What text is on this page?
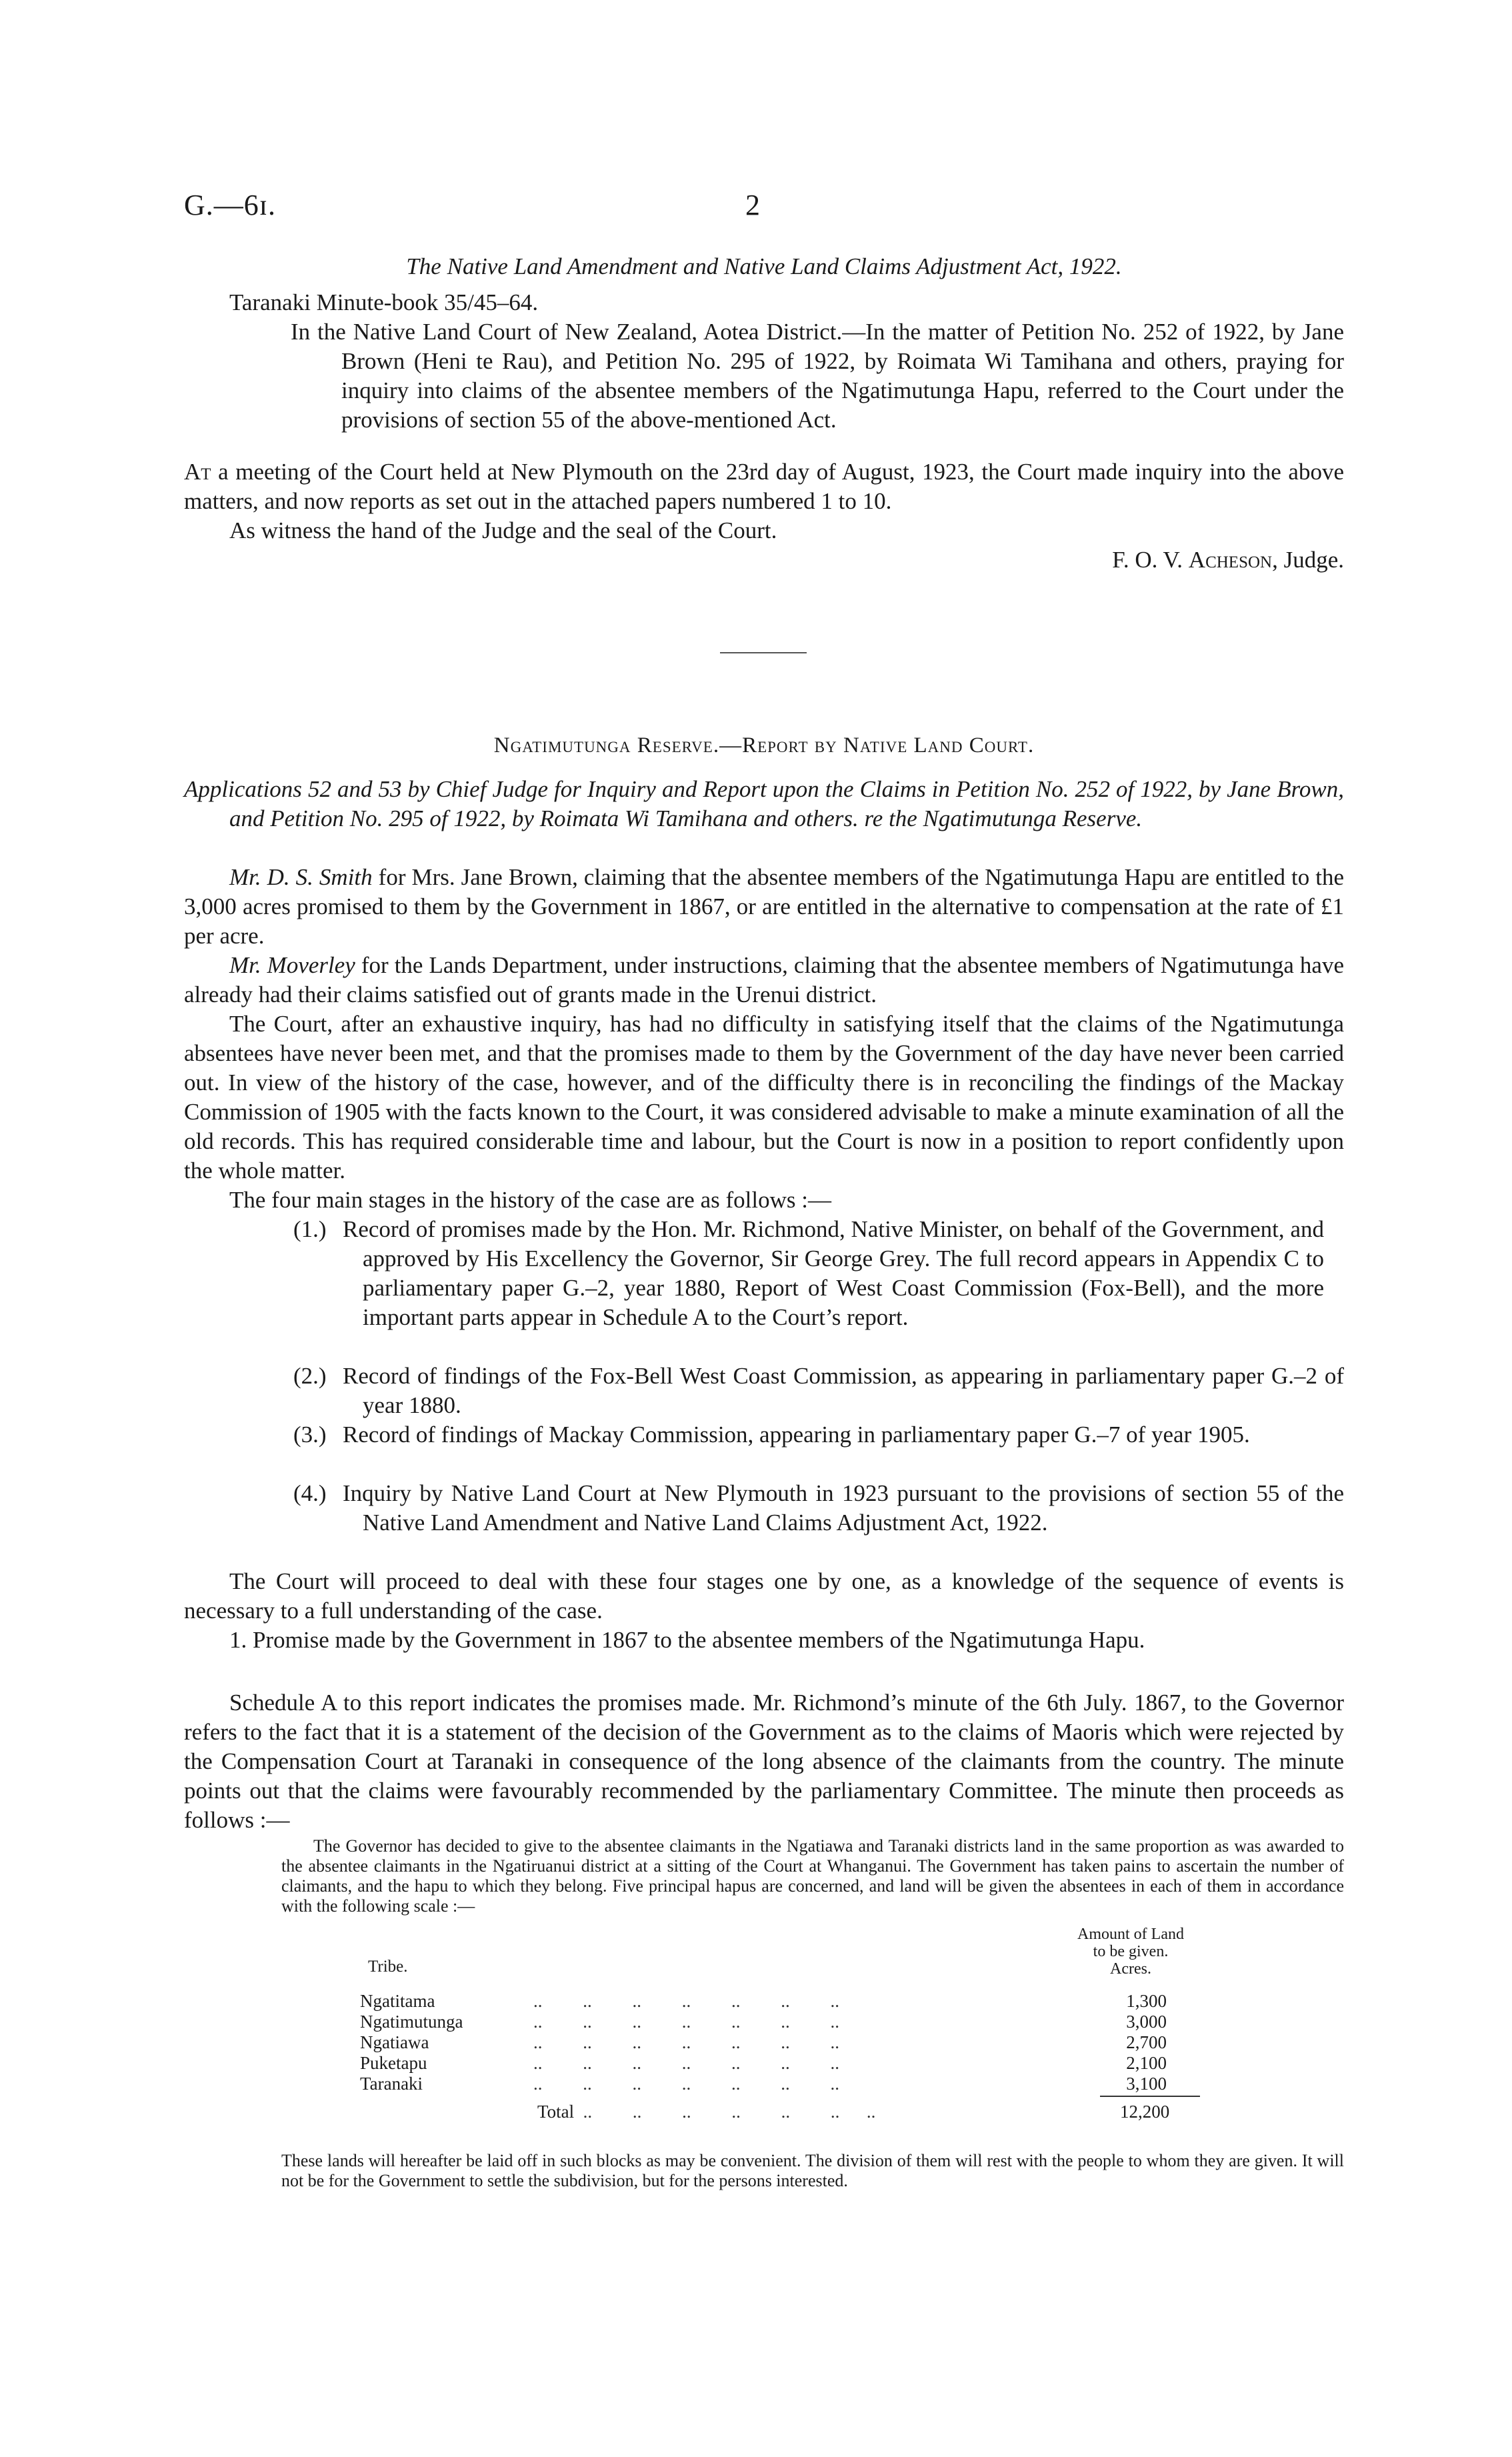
G.—6ɪ.	2
The Native Land Amendment and Native Land Claims Adjustment Act, 1922.

Taranaki Minute-book 35/45–64.

In the Native Land Court of New Zealand, Aotea District.—In the matter of Petition No. 252 of 1922, by Jane Brown (Heni te Rau), and Petition No. 295 of 1922, by Roimata Wi Tamihana and others, praying for inquiry into claims of the absentee members of the Ngatimutunga Hapu, referred to the Court under the provisions of section 55 of the above-mentioned Act.

At a meeting of the Court held at New Plymouth on the 23rd day of August, 1923, the Court made inquiry into the above matters, and now reports as set out in the attached papers numbered 1 to 10.

As witness the hand of the Judge and the seal of the Court.

F. O. V. Acheson, Judge.

Ngatimutunga Reserve.—Report by Native Land Court.

Applications 52 and 53 by Chief Judge for Inquiry and Report upon the Claims in Petition No. 252 of 1922, by Jane Brown, and Petition No. 295 of 1922, by Roimata Wi Tamihana and others. re the Ngatimutunga Reserve.

Mr. D. S. Smith for Mrs. Jane Brown, claiming that the absentee members of the Ngatimutunga Hapu are entitled to the 3,000 acres promised to them by the Government in 1867, or are entitled in the alternative to compensation at the rate of £1 per acre.

Mr. Moverley for the Lands Department, under instructions, claiming that the absentee members of Ngatimutunga have already had their claims satisfied out of grants made in the Urenui district.

The Court, after an exhaustive inquiry, has had no difficulty in satisfying itself that the claims of the Ngatimutunga absentees have never been met, and that the promises made to them by the Government of the day have never been carried out. In view of the history of the case, however, and of the difficulty there is in reconciling the findings of the Mackay Commission of 1905 with the facts known to the Court, it was considered advisable to make a minute examination of all the old records. This has required considerable time and labour, but the Court is now in a position to report confidently upon the whole matter.

The four main stages in the history of the case are as follows :—

(1.) Record of promises made by the Hon. Mr. Richmond, Native Minister, on behalf of the Government, and approved by His Excellency the Governor, Sir George Grey. The full record appears in Appendix C to parliamentary paper G.–2, year 1880, Report of West Coast Commission (Fox-Bell), and the more important parts appear in Schedule A to the Court’s report.

(2.) Record of findings of the Fox-Bell West Coast Commission, as appearing in parliamentary paper G.–2 of year 1880.

(3.) Record of findings of Mackay Commission, appearing in parliamentary paper G.–7 of year 1905.

(4.) Inquiry by Native Land Court at New Plymouth in 1923 pursuant to the provisions of section 55 of the Native Land Amendment and Native Land Claims Adjustment Act, 1922.

The Court will proceed to deal with these four stages one by one, as a knowledge of the sequence of events is necessary to a full understanding of the case.

1. Promise made by the Government in 1867 to the absentee members of the Ngatimutunga Hapu.

Schedule A to this report indicates the promises made. Mr. Richmond’s minute of the 6th July. 1867, to the Governor refers to the fact that it is a statement of the decision of the Government as to the claims of Maoris which were rejected by the Compensation Court at Taranaki in consequence of the long absence of the claimants from the country. The minute points out that the claims were favourably recommended by the parliamentary Committee. The minute then proceeds as follows :—

The Governor has decided to give to the absentee claimants in the Ngatiawa and Taranaki districts land in the same proportion as was awarded to the absentee claimants in the Ngatiruanui district at a sitting of the Court at Whanganui. The Government has taken pains to ascertain the number of claimants, and the hapu to which they belong. Five principal hapus are concerned, and land will be given the absentees in each of them in accordance with the following scale :—

Amount of Land
to be given.
Acres.
Tribe.
Ngatitama	..         ..         ..         ..         ..         ..         ..	1,300
Ngatimutunga	..         ..         ..         ..         ..         ..         ..	3,000
Ngatiawa	..         ..         ..         ..         ..         ..         ..	2,700
Puketapu	..         ..         ..         ..         ..         ..         ..	2,100
Taranaki	..         ..         ..         ..         ..         ..         ..	3,100
Total  ..         ..         ..         ..         ..         ..      ..	12,200

These lands will hereafter be laid off in such blocks as may be convenient. The division of them will rest with the people to whom they are given. It will not be for the Government to settle the subdivision, but for the persons interested.
